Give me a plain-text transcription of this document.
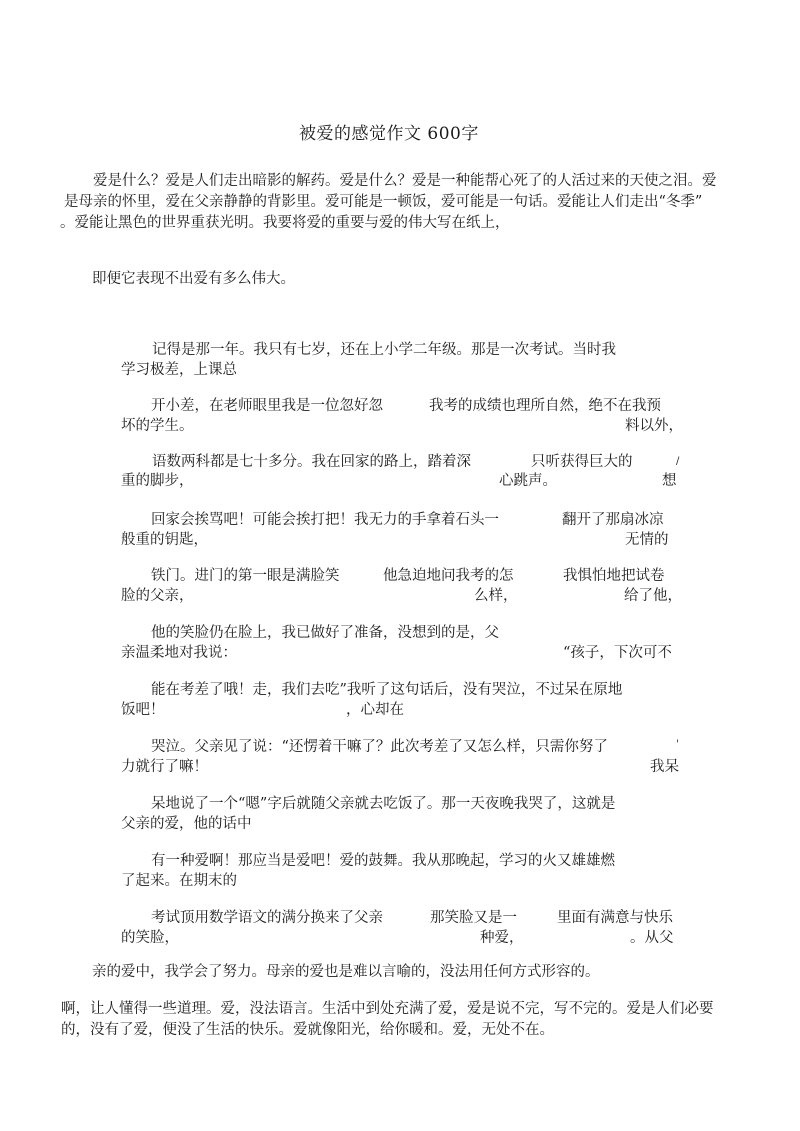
被爱的感觉作文 600字
爱是什么？爱是人们走出暗影的解药。爱是什么？爱是一种能帮心死了的人活过来的天使之泪。爱
是母亲的怀里，爱在父亲静静的背影里。爱可能是一顿饭，爱可能是一句话。爱能让人们走出“冬季”
。爱能让黑色的世界重获光明。我要将爱的重要与爱的伟大写在纸上，
即便它表现不出爱有多么伟大。
记得是那一年。我只有七岁，还在上小学二年级。那是一次考试。当时我
学习极差，上课总
开小差，在老师眼里我是一位忽好忽	我考的成绩也理所自然，绝不在我预
坏的学生。	料以外，
语数两科都是七十多分。我在回家的路上，踏着深	只听获得巨大的	/
重的脚步，	心跳声。	想
回家会挨骂吧！可能会挨打把！我无力的手拿着石头一	翻开了那扇冰凉
般重的钥匙，	无情的
铁门。进门的第一眼是满脸笑	他急迫地问我考的怎	我惧怕地把试卷
脸的父亲，	么样，	给了他，
他的笑脸仍在脸上，我已做好了准备，没想到的是，父
亲温柔地对我说：	“孩子，下次可不
能在考差了哦！走，我们去吃”我听了这句话后，没有哭泣，不过呆在原地
饭吧！	，心却在
哭泣。父亲见了说：“还愣着干嘛了？此次考差了又怎么样，只需你努了	'
力就行了嘛！	我呆
呆地说了一个“嗯”字后就随父亲就去吃饭了。那一天夜晚我哭了，这就是
父亲的爱，他的话中
有一种爱啊！那应当是爱吧！爱的鼓舞。我从那晚起，学习的火又雄雄燃
了起来。在期末的
考试顶用数学语文的满分换来了父亲	那笑脸又是一	里面有满意与快乐
的笑脸，	种爱，	。从父
亲的爱中，我学会了努力。母亲的爱也是难以言喻的，没法用任何方式形容的。
啊，让人懂得一些道理。爱，没法语言。生活中到处充满了爱，爱是说不完，写不完的。爱是人们必要
的，没有了爱，便没了生活的快乐。爱就像阳光，给你暖和。爱，无处不在。
